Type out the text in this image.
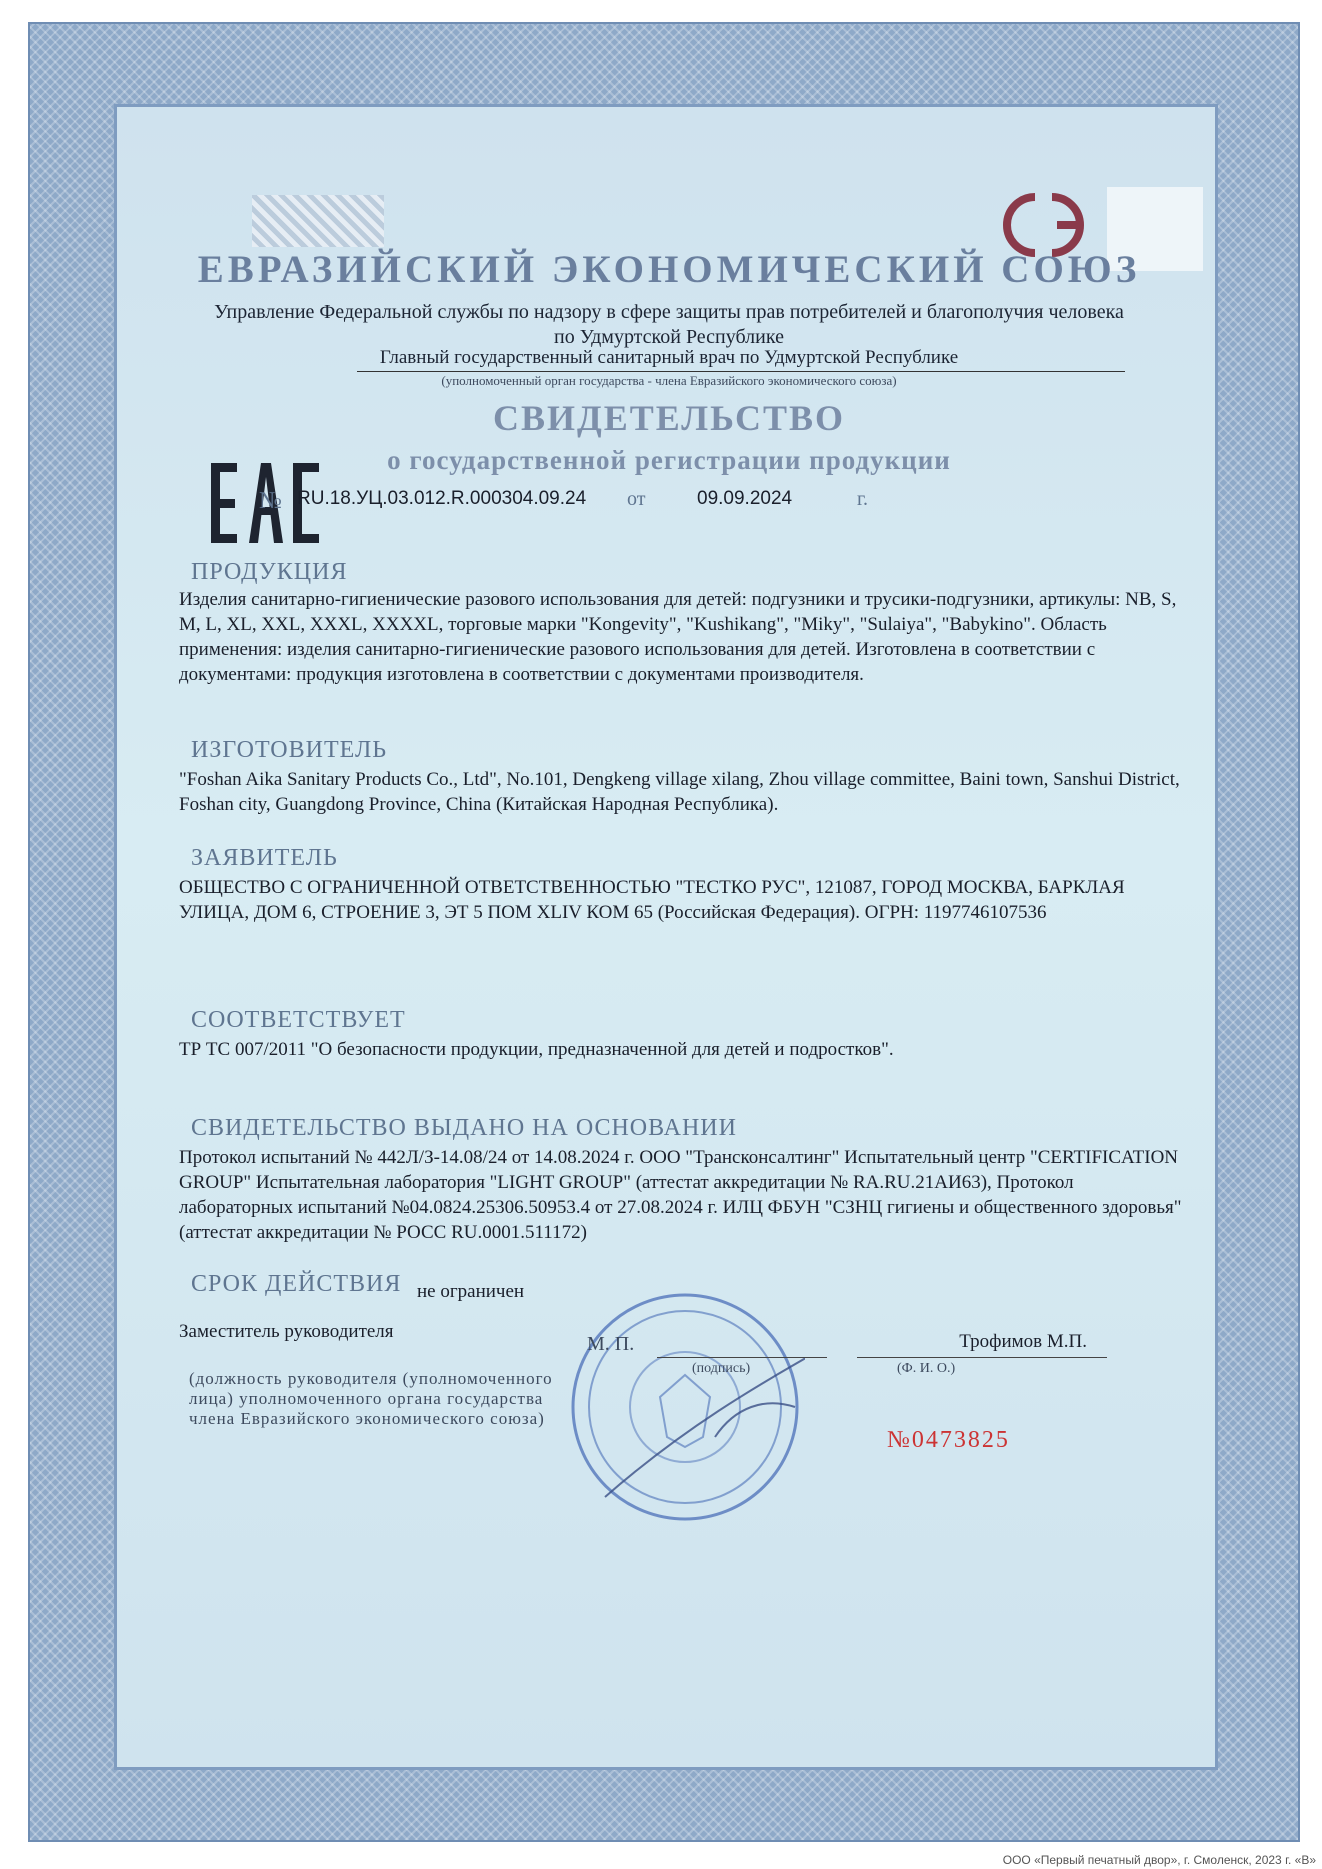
ЕВРАЗИЙСКИЙ ЭКОНОМИЧЕСКИЙ СОЮЗ
Управление Федеральной службы по надзору в сфере защиты прав потребителей и благополучия человека
по Удмуртской Республике
Главный государственный санитарный врач по Удмуртской Республике
(уполномоченный орган государства - члена Евразийского экономического союза)
СВИДЕТЕЛЬСТВО
о государственной регистрации продукции
№ RU.18.УЦ.03.012.R.000304.09.24 от	09.09.2024	г.
ПРОДУКЦИЯ
Изделия санитарно-гигиенические разового использования для детей: подгузники и трусики-подгузники, артикулы: NB, S, M, L, XL, XXL, XXXL, XXXXL, торговые марки "Kongevity", "Kushikang", "Miky", "Sulaiya", "Babykino". Область применения: изделия санитарно-гигиенические разового использования для детей. Изготовлена в соответствии с документами: продукция изготовлена в соответствии с документами производителя.
ИЗГОТОВИТЕЛЬ
"Foshan Aika Sanitary Products Co., Ltd", No.101, Dengkeng village xilang, Zhou village committee, Baini town, Sanshui District, Foshan city, Guangdong Province, China (Китайская Народная Республика).
ЗАЯВИТЕЛЬ
ОБЩЕСТВО С ОГРАНИЧЕННОЙ ОТВЕТСТВЕННОСТЬЮ "ТЕСТКО РУС", 121087, ГОРОД МОСКВА, БАРКЛАЯ УЛИЦА, ДОМ 6, СТРОЕНИЕ 3, ЭТ 5 ПОМ XLIV КОМ 65 (Российская Федерация). ОГРН: 1197746107536
СООТВЕТСТВУЕТ
ТР ТС 007/2011 "О безопасности продукции, предназначенной для детей и подростков".
СВИДЕТЕЛЬСТВО ВЫДАНО НА ОСНОВАНИИ
Протокол испытаний № 442Л/З-14.08/24 от 14.08.2024 г. ООО "Трансконсалтинг" Испытательный центр "CERTIFICATION GROUP" Испытательная лаборатория "LIGHT GROUP" (аттестат аккредитации № RA.RU.21АИ63), Протокол лабораторных испытаний №04.0824.25306.50953.4 от 27.08.2024 г. ИЛЦ ФБУН "СЗНЦ гигиены и общественного здоровья" (аттестат аккредитации № РОСС RU.0001.511172)
СРОК ДЕЙСТВИЯ не ограничен
Заместитель руководителя
М. П.
(подпись)
Трофимов М.П.
(Ф. И. О.)
(должность руководителя (уполномоченного лица) уполномоченного органа государства члена Евразийского экономического союза)
№0473825
ООО «Первый печатный двор», г. Смоленск, 2023 г. «В»
